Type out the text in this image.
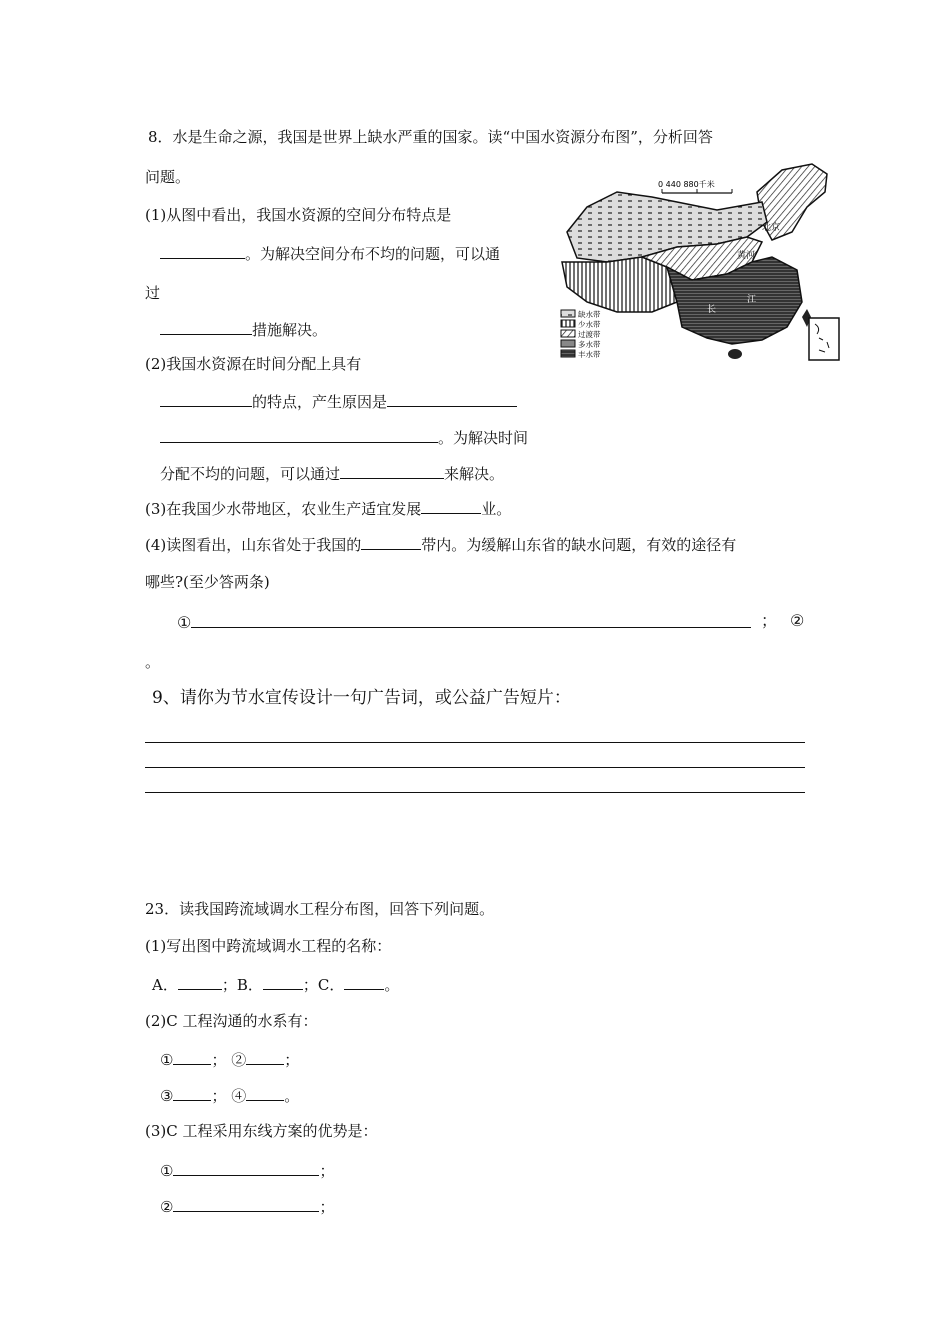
8．水是生命之源，我国是世界上缺水严重的国家。读“中国水资源分布图”，分析回答
问题。
(1)从图中看出，我国水资源的空间分布特点是
。为解决空间分布不均的问题，可以通
过
措施解决。
(2)我国水资源在时间分配上具有
的特点，产生原因是
。为解决时间
分配不均的问题，可以通过	来解决。
(3)在我国少水带地区，农业生产适宜发展	业。
(4)读图看出，山东省处于我国的	带内。为缓解山东省的缺水问题，有效的途径有
哪些?(至少答两条)
①	； ②
。
0 440 880千米
北京
黄河
长
江
缺水带
少水带
过渡带
多水带
丰水带
9、请你为节水宣传设计一句广告词，或公益广告短片：
23．读我国跨流域调水工程分布图，回答下列问题。
(1)写出图中跨流域调水工程的名称：
A．	；B．	；C．	。
(2)C 工程沟通的水系有：
①	； ②	；
③	； ④	。
(3)C 工程采用东线方案的优势是：
①	；
②	；
